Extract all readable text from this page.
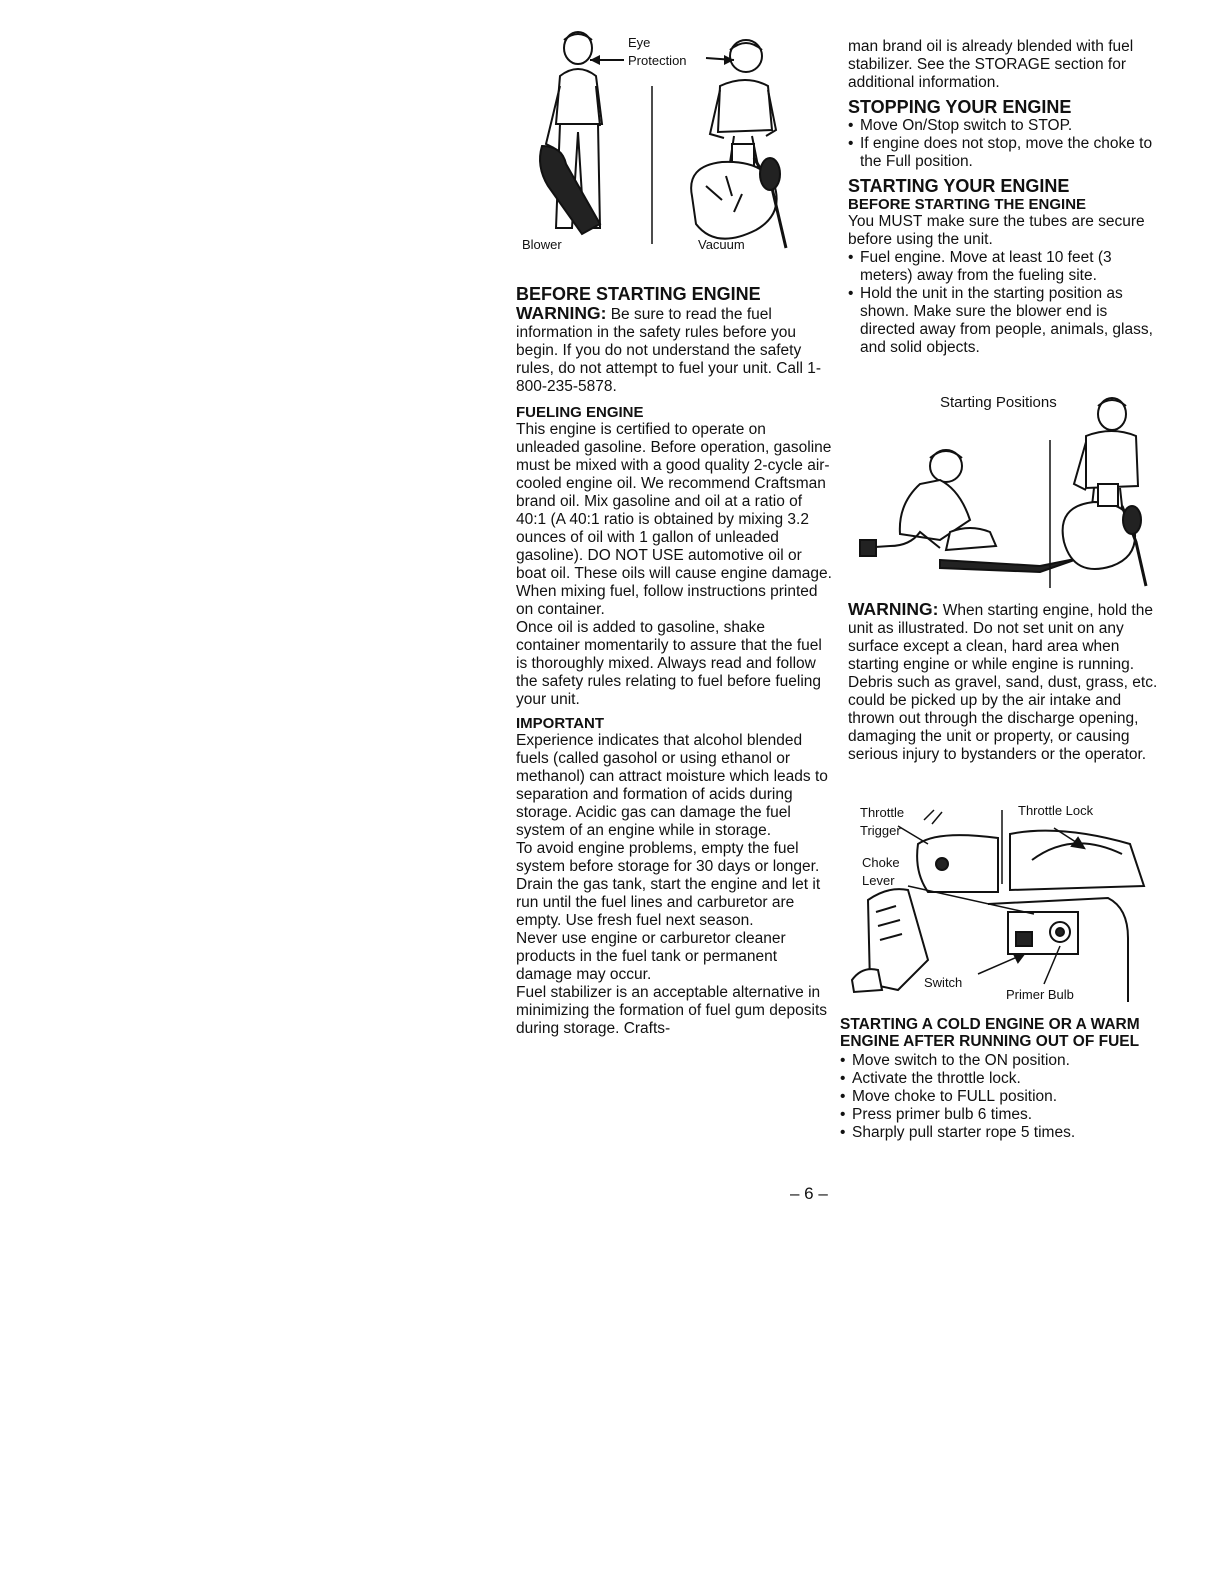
Eye
Protection
Blower	Vacuum
BEFORE STARTING ENGINE

WARNING: Be sure to read the fuel information in the safety rules before you begin. If you do not understand the safety rules, do not attempt to fuel your unit. Call 1-800-235-5878.

FUELING ENGINE

This engine is certified to operate on unleaded gasoline. Before operation, gasoline must be mixed with a good quality 2-cycle air-cooled engine oil. We recommend Craftsman brand oil. Mix gasoline and oil at a ratio of 40:1 (A 40:1 ratio is obtained by mixing 3.2 ounces of oil with 1 gallon of unleaded gasoline). DO NOT USE automotive oil or boat oil. These oils will cause engine damage. When mixing fuel, follow instructions printed on container.

Once oil is added to gasoline, shake container momentarily to assure that the fuel is thoroughly mixed. Always read and follow the safety rules relating to fuel before fueling your unit.

IMPORTANT

Experience indicates that alcohol blended fuels (called gasohol or using ethanol or methanol) can attract moisture which leads to separation and formation of acids during storage. Acidic gas can damage the fuel system of an engine while in storage.

To avoid engine problems, empty the fuel system before storage for 30 days or longer. Drain the gas tank, start the engine and let it run until the fuel lines and carburetor are empty. Use fresh fuel next season.

Never use engine or carburetor cleaner products in the fuel tank or permanent damage may occur.

Fuel stabilizer is an acceptable alternative in minimizing the formation of fuel gum deposits during storage. Crafts-

man brand oil is already blended with fuel stabilizer. See the STORAGE section for additional information.

STOPPING YOUR ENGINE
• Move On/Stop switch to STOP.
• If engine does not stop, move the choke to the Full position.
STARTING YOUR ENGINE
BEFORE STARTING THE ENGINE

You MUST make sure the tubes are secure before using the unit.

• Fuel engine. Move at least 10 feet (3 meters) away from the fueling site.
• Hold the unit in the starting position as shown. Make sure the blower end is directed away from people, animals, glass, and solid objects.
Starting Positions

WARNING: When starting engine, hold the unit as illustrated. Do not set unit on any surface except a clean, hard area when starting engine or while engine is running. Debris such as gravel, sand, dust, grass, etc. could be picked up by the air intake and thrown out through the discharge opening, damaging the unit or property, or causing serious injury to bystanders or the operator.

Throttle
Trigger
Throttle Lock
Choke
Lever
Switch
Primer Bulb
STARTING A COLD ENGINE OR A WARM ENGINE AFTER RUNNING OUT OF FUEL
• Move switch to the ON position.
• Activate the throttle lock.
• Move choke to FULL position.
• Press primer bulb 6 times.
• Sharply pull starter rope 5 times.
– 6 –
